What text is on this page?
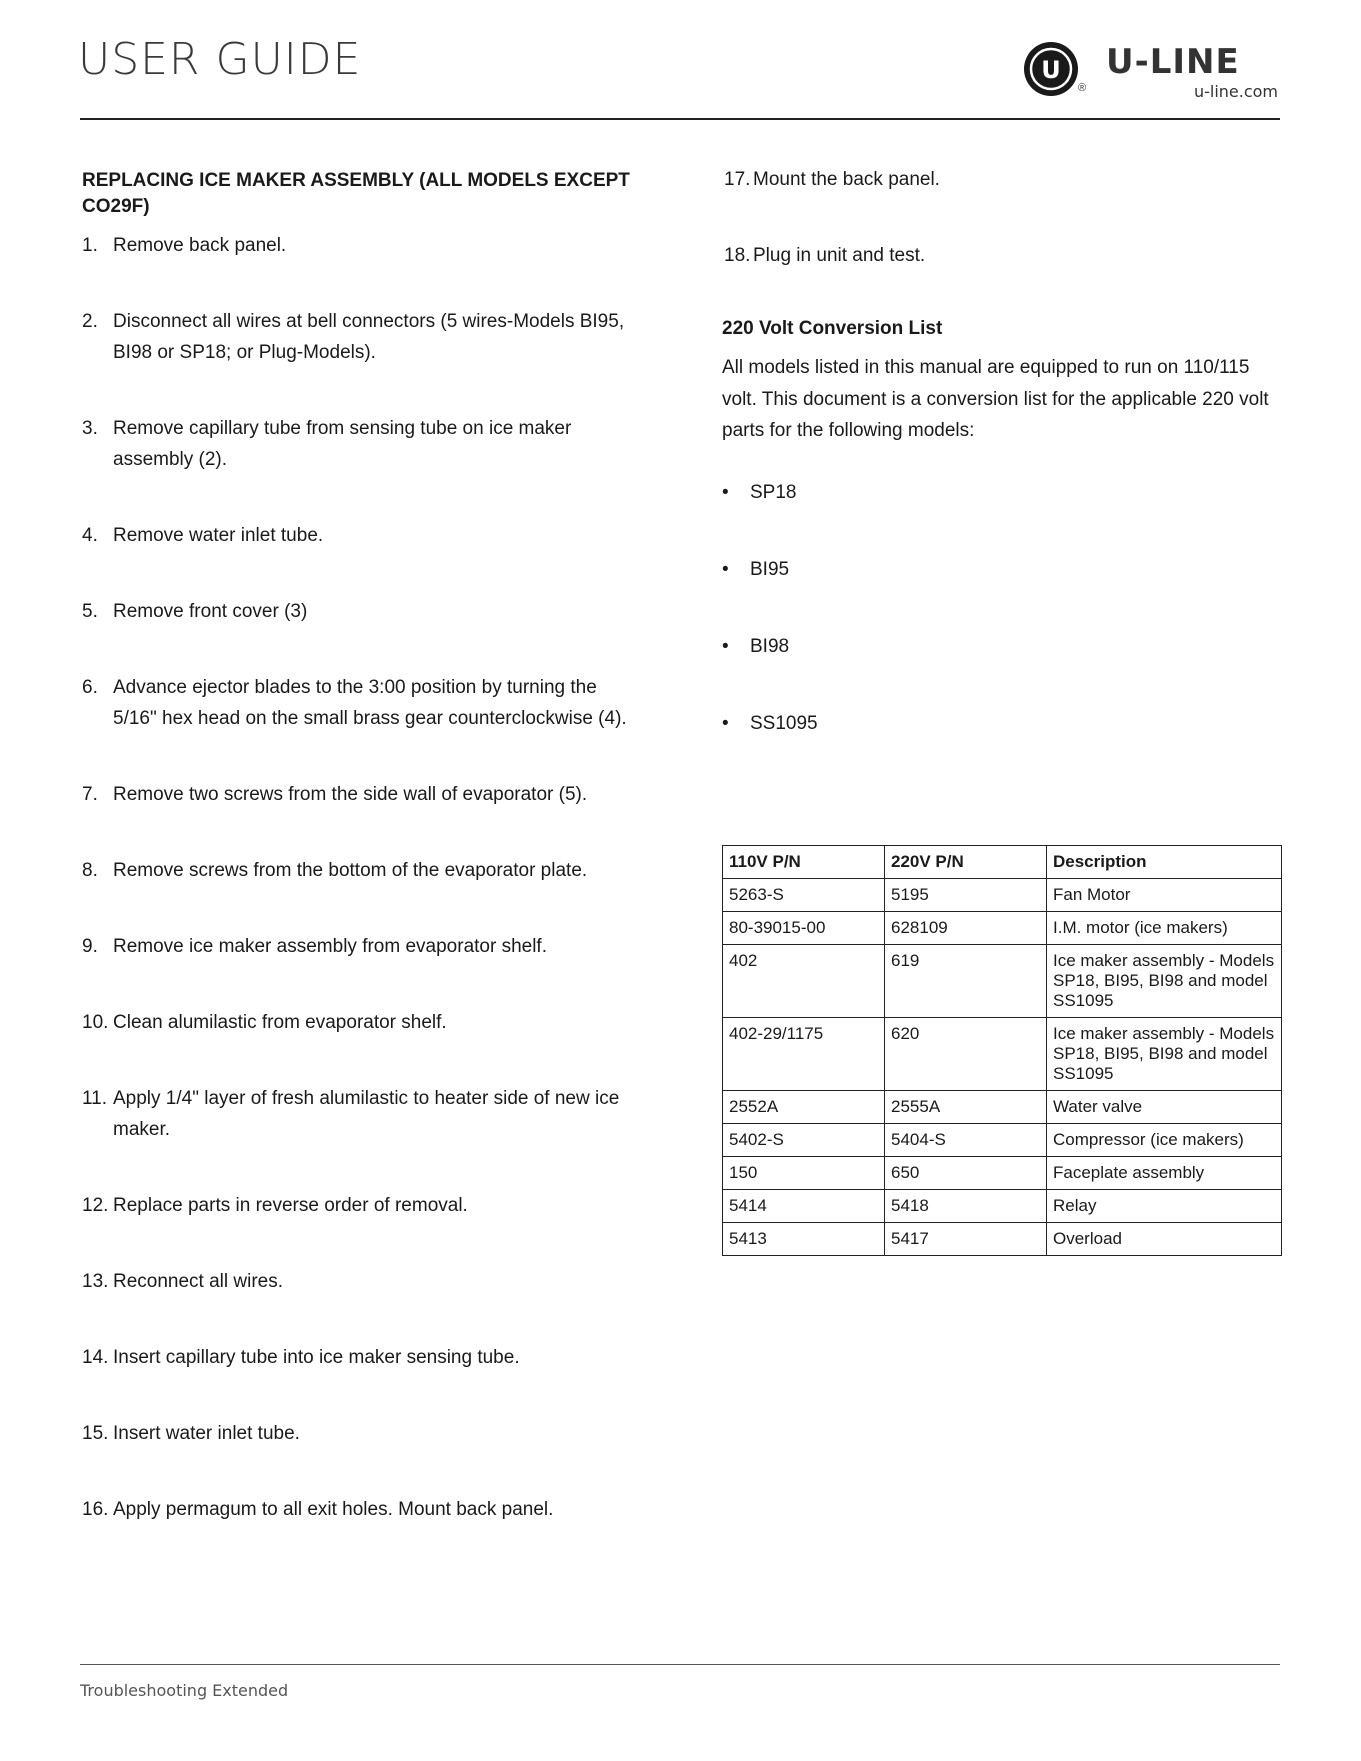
USER GUIDE	U
®
U-LINE
u-line.com
REPLACING ICE MAKER ASSEMBLY (ALL MODELS EXCEPT CO29F)
1. Remove back panel.
2. Disconnect all wires at bell connectors (5 wires-Models BI95, BI98 or SP18; or Plug-Models).
3. Remove capillary tube from sensing tube on ice maker assembly (2).
4. Remove water inlet tube.
5. Remove front cover (3)
6. Advance ejector blades to the 3:00 position by turning the 5/16" hex head on the small brass gear counterclockwise (4).
7. Remove two screws from the side wall of evaporator (5).
8. Remove screws from the bottom of the evaporator plate.
9. Remove ice maker assembly from evaporator shelf.
10. Clean alumilastic from evaporator shelf.
11. Apply 1/4" layer of fresh alumilastic to heater side of new ice maker.
12. Replace parts in reverse order of removal.
13. Reconnect all wires.
14. Insert capillary tube into ice maker sensing tube.
15. Insert water inlet tube.
16. Apply permagum to all exit holes. Mount back panel.
17. Mount the back panel.
18. Plug in unit and test.
220 Volt Conversion List

All models listed in this manual are equipped to run on 110/115 volt. This document is a conversion list for the applicable 220 volt parts for the following models:

• SP18
• BI95
• BI98
• SS1095
110V P/N	220V P/N	Description
5263-S	5195	Fan Motor
80-39015-00	628109	I.M. motor (ice makers)
402	619	Ice maker assembly - Models SP18, BI95, BI98 and model SS1095
402-29/1175	620	Ice maker assembly - Models SP18, BI95, BI98 and model SS1095
2552A	2555A	Water valve
5402-S	5404-S	Compressor (ice makers)
150	650	Faceplate assembly
5414	5418	Relay
5413	5417	Overload
Troubleshooting Extended
